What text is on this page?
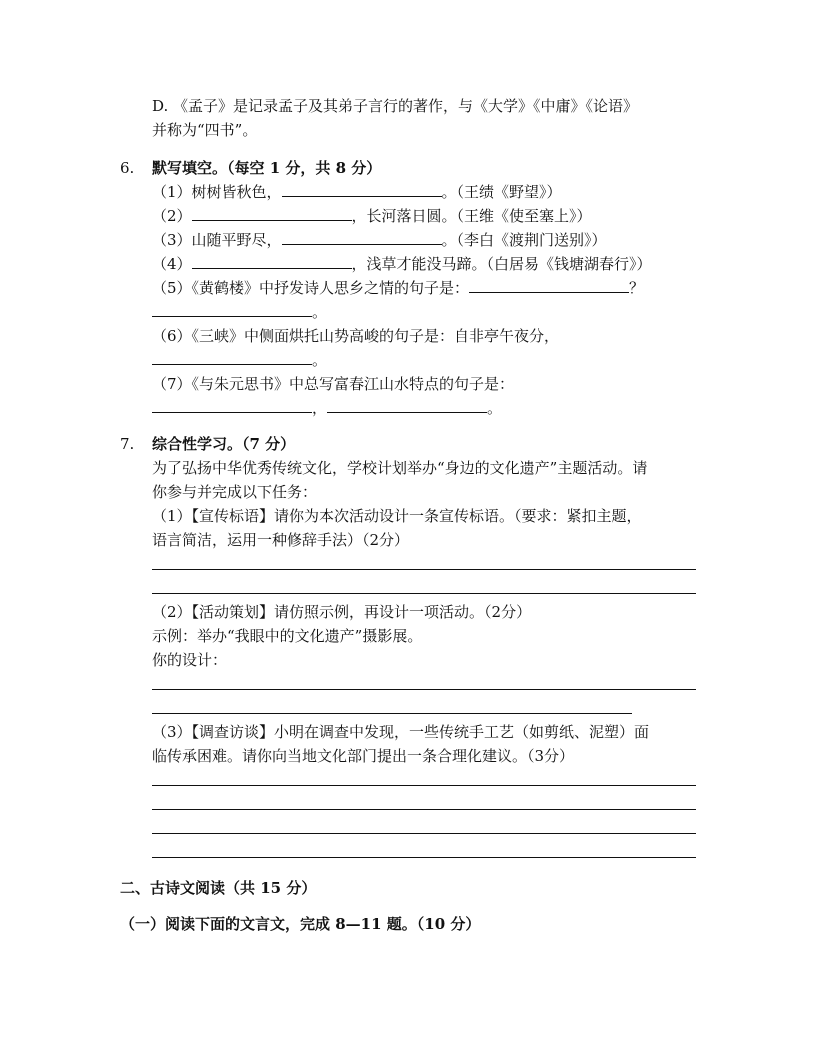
D. 《孟子》是记录孟子及其弟子言行的著作，与《大学》《中庸》《论语》
并称为“四书”。
6. 默写填空。（每空 1 分，共 8 分）
（1）树树皆秋色，	。（王绩《野望》）
（2）	，长河落日圆。（王维《使至塞上》）
（3）山随平野尽，	。（李白《渡荆门送别》）
（4）	，浅草才能没马蹄。（白居易《钱塘湖春行》）
（5）《黄鹤楼》中抒发诗人思乡之情的句子是：	？
。
（6）《三峡》中侧面烘托山势高峻的句子是：自非亭午夜分，
。
（7）《与朱元思书》中总写富春江山水特点的句子是：
，	。
7. 综合性学习。（7 分）
为了弘扬中华优秀传统文化，学校计划举办“身边的文化遗产”主题活动。请
你参与并完成以下任务：
（1）【宣传标语】请你为本次活动设计一条宣传标语。（要求：紧扣主题，
语言简洁，运用一种修辞手法）（2分）
（2）【活动策划】请仿照示例，再设计一项活动。（2分）
示例：举办“我眼中的文化遗产”摄影展。
你的设计：
（3）【调查访谈】小明在调查中发现，一些传统手工艺（如剪纸、泥塑）面
临传承困难。请你向当地文化部门提出一条合理化建议。（3分）
二、古诗文阅读（共 15 分）
（一）阅读下面的文言文，完成 8—11 题。（10 分）
